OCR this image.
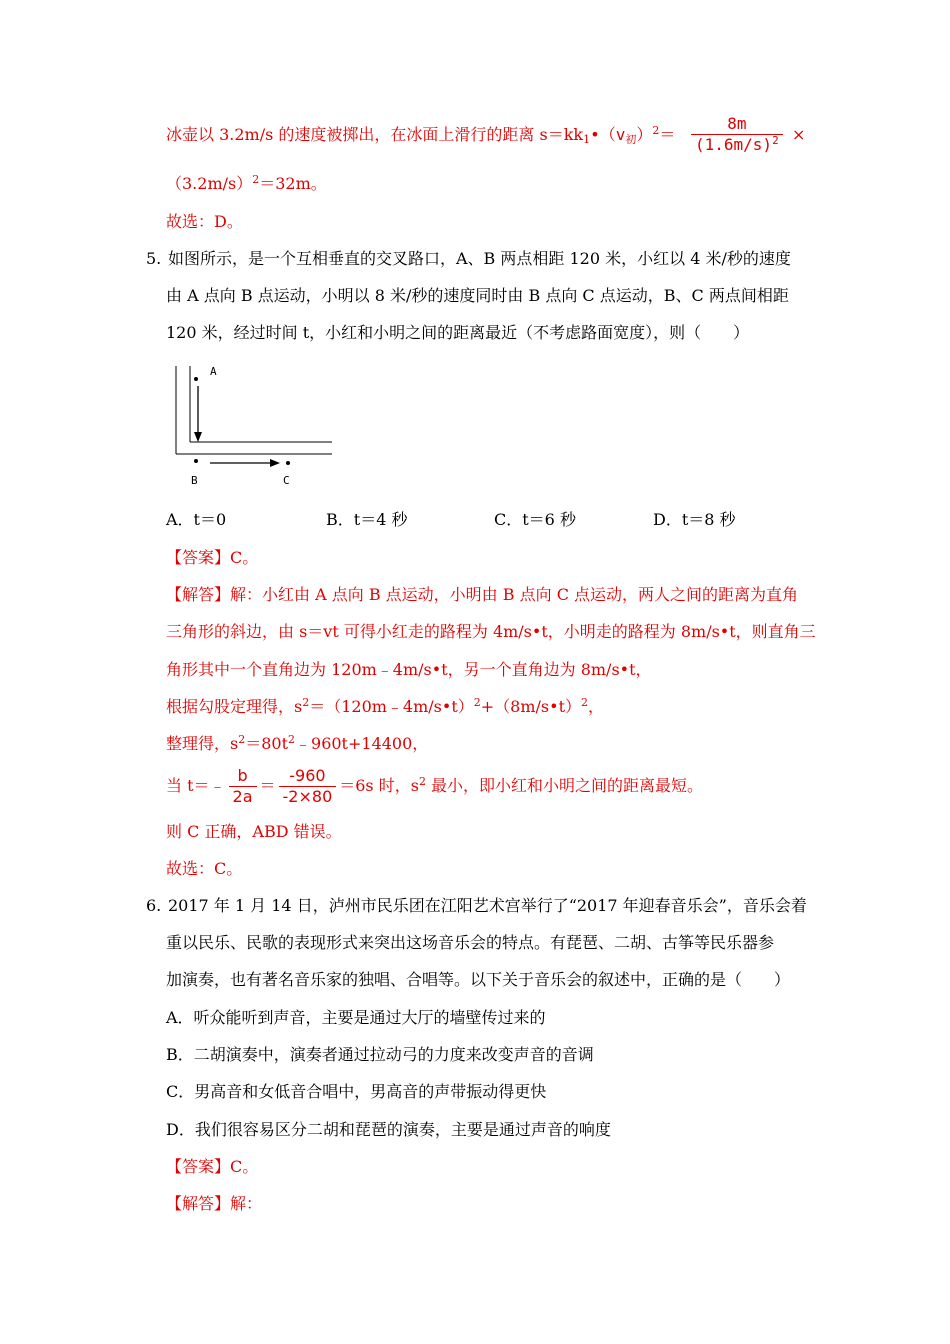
冰壶以 3.2m/s 的速度被掷出，在冰面上滑行的距离 $s=kk_1•(v_初)^2= \frac{8m}{(1.6m/s)^2}$ ×
$(3.2m/s)^2=32m$。
故选：D。
5. 如图所示，是一个互相垂直的交叉路口，A、B 两点相距 120 米，小红以 4 米/秒的速度
由 A 点向 B 点运动，小明以 8 米/秒的速度同时由 B 点向 C 点运动，B、C 两点间相距
120 米，经过时间 t，小红和小明之间的距离最近（不考虑路面宽度），则（　　）
A
B	C
A．t＝0	B．t＝4 秒	C．t＝6 秒	D．t＝8 秒
【答案】C。
【解答】解：小红由 A 点向 B 点运动，小明由 B 点向 C 点运动，两人之间的距离为直角
三角形的斜边，由 s＝vt 可得小红走的路程为 4m/s•t，小明走的路程为 8m/s•t，则直角三
角形其中一个直角边为 120m﹣4m/s•t，另一个直角边为 8m/s•t，
根据勾股定理得，$s^2=(120m﹣4m/s•t)^2+(8m/s•t)^2$，
整理得，$s^2=80t^2﹣960t+14400$，
当 t＝﹣ $\frac{b}{2a} = \frac{-960}{-2\times 80} =6s$ 时，$s^2$ 最小，即小红和小明之间的距离最短。
则 C 正确，ABD 错误。
故选：C。
6. 2017 年 1 月 14 日，泸州市民乐团在江阳艺术宫举行了“2017 年迎春音乐会”，音乐会着
重以民乐、民歌的表现形式来突出这场音乐会的特点。有琵琶、二胡、古筝等民乐器参
加演奏，也有著名音乐家的独唱、合唱等。以下关于音乐会的叙述中，正确的是（　　）
A．听众能听到声音，主要是通过大厅的墙壁传过来的
B．二胡演奏中，演奏者通过拉动弓的力度来改变声音的音调
C．男高音和女低音合唱中，男高音的声带振动得更快
D．我们很容易区分二胡和琵琶的演奏，主要是通过声音的响度
【答案】C。
【解答】解：
